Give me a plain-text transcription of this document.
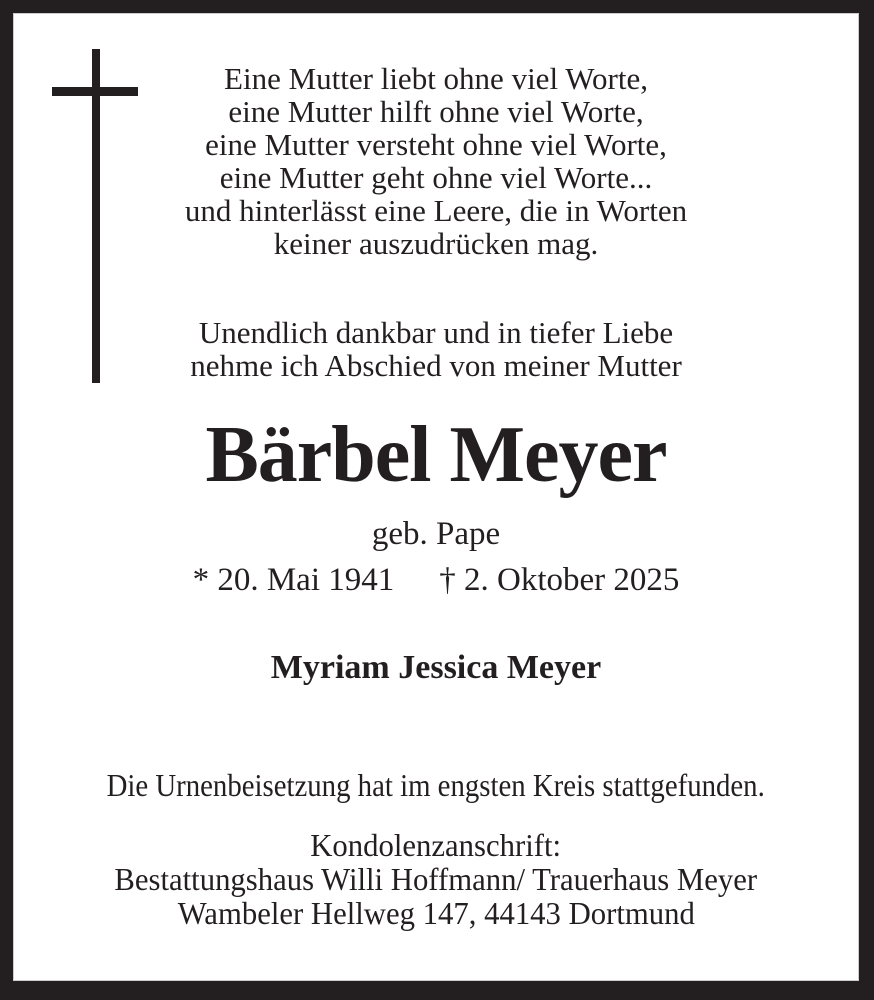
Eine Mutter liebt ohne viel Worte,
eine Mutter hilft ohne viel Worte,
eine Mutter versteht ohne viel Worte,
eine Mutter geht ohne viel Worte...
und hinterlässt eine Leere, die in Worten
keiner auszudrücken mag.
Unendlich dankbar und in tiefer Liebe
nehme ich Abschied von meiner Mutter
Bärbel Meyer
geb. Pape
* 20. Mai 1941 † 2. Oktober 2025
Myriam Jessica Meyer
Die Urnenbeisetzung hat im engsten Kreis stattgefunden.
Kondolenzanschrift:
Bestattungshaus Willi Hoffmann/ Trauerhaus Meyer
Wambeler Hellweg 147, 44143 Dortmund
